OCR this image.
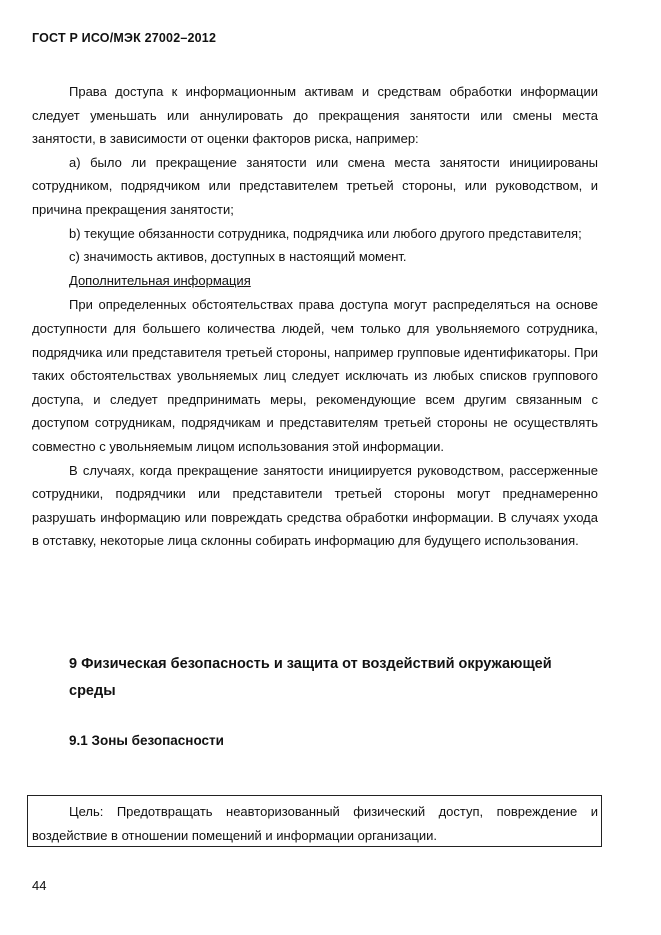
ГОСТ Р ИСО/МЭК 27002–2012

Права доступа к информационным активам и средствам обработки информации следует уменьшать или аннулировать до прекращения занятости или смены места занятости, в зависимости от оценки факторов риска, например:

a) было ли прекращение занятости или смена места занятости инициированы сотрудником, подрядчиком или представителем третьей стороны, или руководством, и причина прекращения занятости;

b) текущие обязанности сотрудника, подрядчика или любого другого представителя;

c) значимость активов, доступных в настоящий момент.

Дополнительная информация

При определенных обстоятельствах права доступа могут распределяться на основе доступности для большего количества людей, чем только для увольняемого сотрудника, подрядчика или представителя третьей стороны, например групповые идентификаторы. При таких обстоятельствах увольняемых лиц следует исключать из любых списков группового доступа, и следует предпринимать меры, рекомендующие всем другим связанным с доступом сотрудникам, подрядчикам и представителям третьей стороны не осуществлять совместно с увольняемым лицом использования этой информации.

В случаях, когда прекращение занятости инициируется руководством, рассерженные сотрудники, подрядчики или представители третьей стороны могут преднамеренно разрушать информацию или повреждать средства обработки информации. В случаях ухода в отставку, некоторые лица склонны собирать информацию для будущего использования.

9 Физическая безопасность и защита от воздействий окружающей среды
9.1 Зоны безопасности

Цель: Предотвращать неавторизованный физический доступ, повреждение и воздействие в отношении помещений и информации организации.

44
